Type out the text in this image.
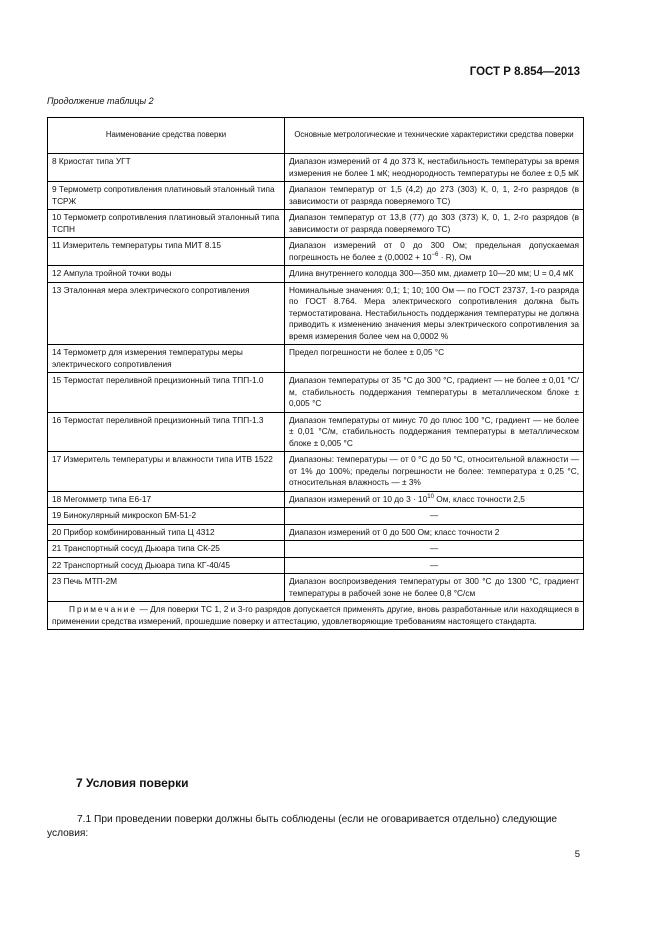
ГОСТ Р 8.854—2013
Продолжение таблицы 2
Наименование средства поверки	Основные метрологические и технические характеристики средства поверки
8 Криостат типа УГТ	Диапазон измерений от 4 до 373 К, нестабильность температуры за время измерения не более 1 мК; неоднородность температуры не более ± 0,5 мК
9 Термометр сопротивления платиновый эталонный типа ТСРЖ	Диапазон температур от 1,5 (4,2) до 273 (303) К, 0, 1, 2-го разрядов (в зависимости от разряда поверяемого ТС)
10 Термометр сопротивления платиновый эталонный типа ТСПН	Диапазон температур от 13,8 (77) до 303 (373) К, 0, 1, 2-го разрядов (в зависимости от разряда поверяемого ТС)
11 Измеритель температуры типа МИТ 8.15	Диапазон измерений от 0 до 300 Ом; предельная допускаемая погрешность не более ± $(0,0002 + 10^{-6} \cdot R)$, Ом
12 Ампула тройной точки воды	Длина внутреннего колодца 300—350 мм, диаметр 10—20 мм; U = 0,4 мК
13 Эталонная мера электрического сопротивления	Номинальные значения: 0,1; 1; 10; 100 Ом — по ГОСТ 23737, 1-го разряда по ГОСТ 8.764. Мера электрического сопротивления должна быть термостатирована. Нестабильность поддержания температуры не должна приводить к изменению значения меры электрического сопротивления за время измерения более чем на 0,0002 %
14 Термометр для измерения температуры меры электрического сопротивления	Предел погрешности не более ± 0,05 °С
15 Термостат переливной прецизионный типа ТПП-1.0	Диапазон температуры от 35 °С до 300 °С, градиент — не более ± 0,01 °С/м, стабильность поддержания температуры в металлическом блоке ± 0,005 °С
16 Термостат переливной прецизионный типа ТПП-1.3	Диапазон температуры от минус 70 до плюс 100 °С, градиент — не более ± 0,01 °С/м, стабильность поддержания температуры в металлическом блоке ± 0,005 °С
17 Измеритель температуры и влажности типа ИТВ 1522	Диапазоны: температуры — от 0 °С до 50 °С, относительной влажности — от 1% до 100%; пределы погрешности не более: температура ± 0,25 °С, относительная влажность — ± 3%
18 Мегомметр типа Е6-17	Диапазон измерений от 10 до $3 \cdot 10^{10}$ Ом, класс точности 2,5
19 Бинокулярный микроскоп БМ-51-2	—
20 Прибор комбинированный типа Ц 4312	Диапазон измерений от 0 до 500 Ом; класс точности 2
21 Транспортный сосуд Дьюара типа СК-25	—
22 Транспортный сосуд Дьюара типа КГ-40/45	—
23 Печь МТП-2М	Диапазон воспроизведения температуры от 300 °С до 1300 °С, градиент температуры в рабочей зоне не более 0,8 °С/см
Примечание — Для поверки ТС 1, 2 и 3-го разрядов допускается применять другие, вновь разработанные или находящиеся в применении средства измерений, прошедшие поверку и аттестацию, удовлетворяющие требованиям настоящего стандарта.	
7 Условия поверки
7.1 При проведении поверки должны быть соблюдены (если не оговаривается отдельно) следующие условия:
5
